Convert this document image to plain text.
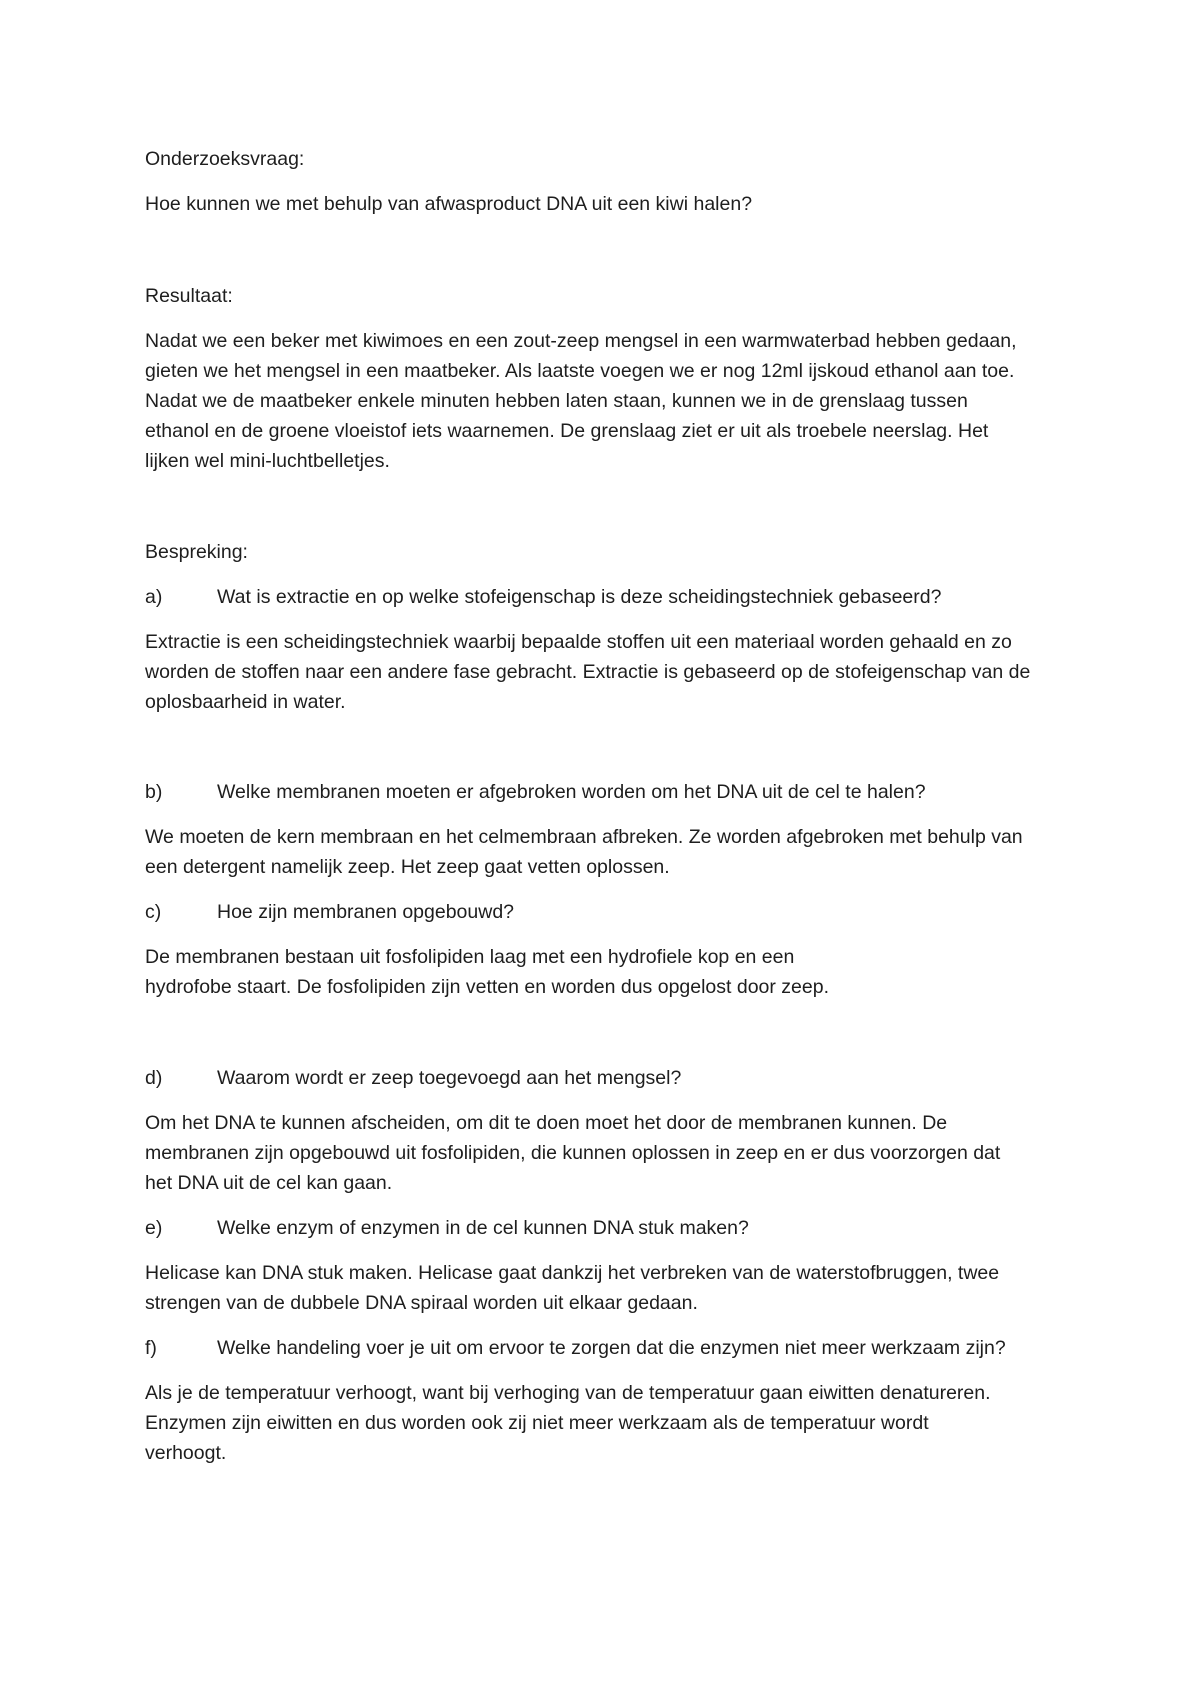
Onderzoeksvraag:

Hoe kunnen we met behulp van afwasproduct DNA uit een kiwi halen?

Resultaat:

Nadat we een beker met kiwimoes en een zout-zeep mengsel in een warmwaterbad hebben gedaan,
gieten we het mengsel in een maatbeker. Als laatste voegen we er nog 12ml ijskoud ethanol aan toe.
Nadat we de maatbeker enkele minuten hebben laten staan, kunnen we in de grenslaag tussen
ethanol en de groene vloeistof iets waarnemen. De grenslaag ziet er uit als troebele neerslag. Het
lijken wel mini-luchtbelletjes.

Bespreking:

a)	Wat is extractie en op welke stofeigenschap is deze scheidingstechniek gebaseerd?

Extractie is een scheidingstechniek waarbij bepaalde stoffen uit een materiaal worden gehaald en zo
worden de stoffen naar een andere fase gebracht. Extractie is gebaseerd op de stofeigenschap van de
oplosbaarheid in water.

b)	Welke membranen moeten er afgebroken worden om het DNA uit de cel te halen?

We moeten de kern membraan en het celmembraan afbreken. Ze worden afgebroken met behulp van
een detergent namelijk zeep. Het zeep gaat vetten oplossen.

c)	Hoe zijn membranen opgebouwd?

De membranen bestaan uit fosfolipiden laag met een hydrofiele kop en een
hydrofobe staart. De fosfolipiden zijn vetten en worden dus opgelost door zeep.

d)	Waarom wordt er zeep toegevoegd aan het mengsel?

Om het DNA te kunnen afscheiden, om dit te doen moet het door de membranen kunnen. De
membranen zijn opgebouwd uit fosfolipiden, die kunnen oplossen in zeep en er dus voorzorgen dat
het DNA uit de cel kan gaan.

e)	Welke enzym of enzymen in de cel kunnen DNA stuk maken?

Helicase kan DNA stuk maken. Helicase gaat dankzij het verbreken van de waterstofbruggen, twee
strengen van de dubbele DNA spiraal worden uit elkaar gedaan.

f)	Welke handeling voer je uit om ervoor te zorgen dat die enzymen niet meer werkzaam zijn?

Als je de temperatuur verhoogt, want bij verhoging van de temperatuur gaan eiwitten denatureren.
Enzymen zijn eiwitten en dus worden ook zij niet meer werkzaam als de temperatuur wordt
verhoogt.
